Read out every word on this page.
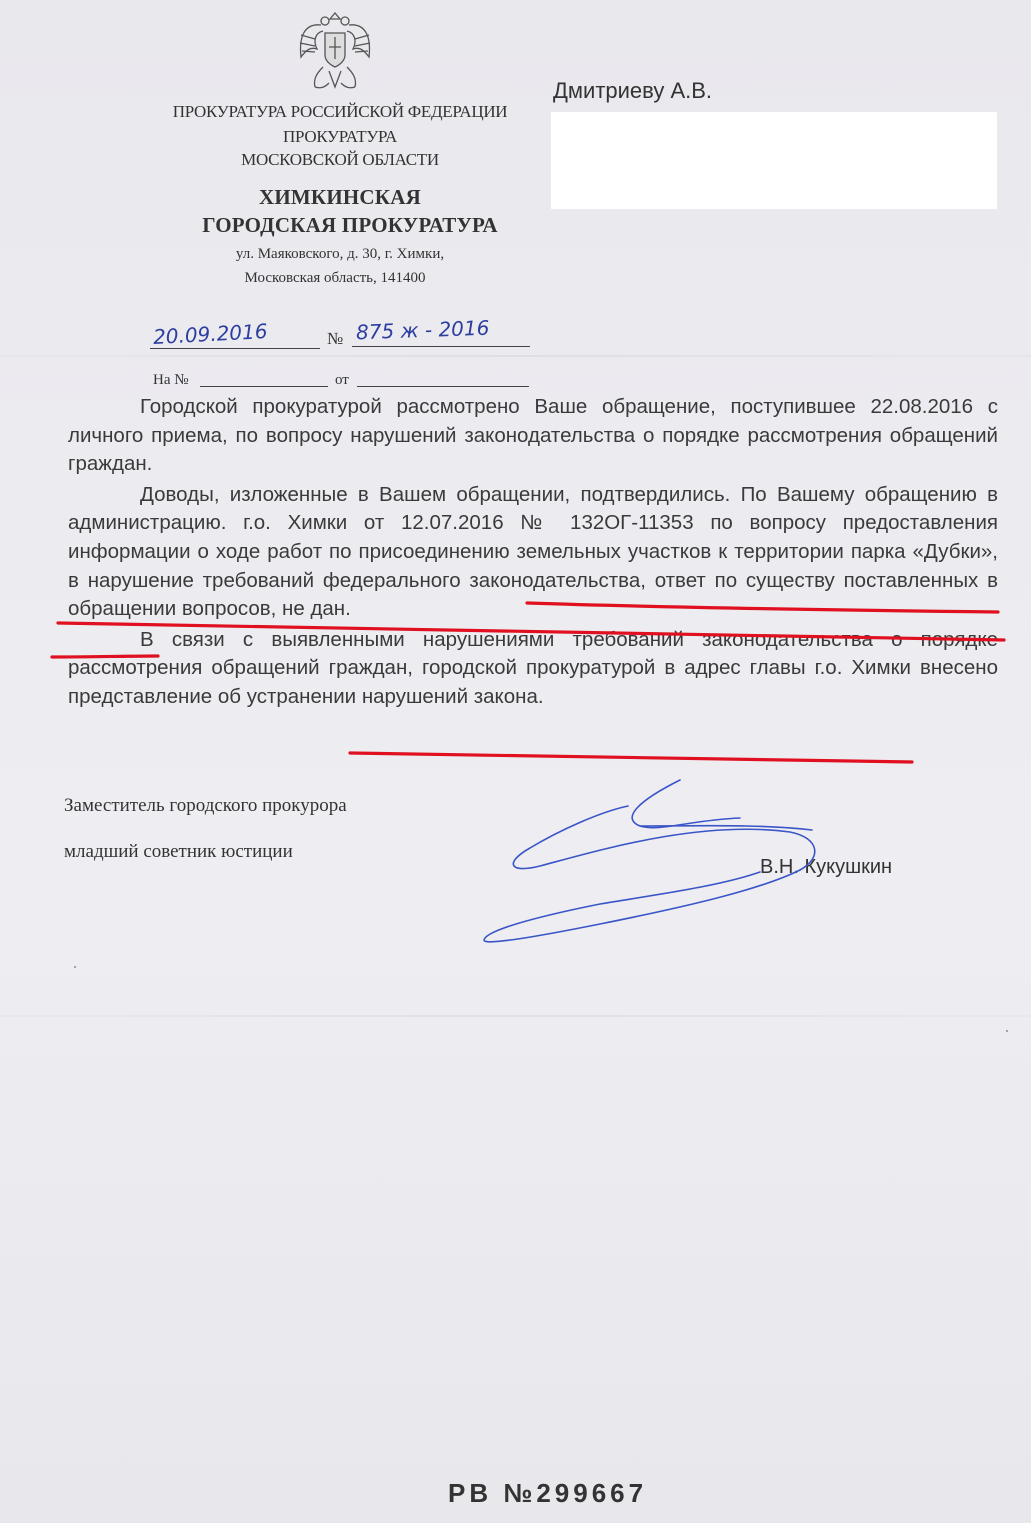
ПРОКУРАТУРА РОССИЙСКОЙ ФЕДЕРАЦИИ
ПРОКУРАТУРА
МОСКОВСКОЙ ОБЛАСТИ
ХИМКИНСКАЯ
ГОРОДСКАЯ ПРОКУРАТУРА
ул. Маяковского, д. 30, г. Химки,
Московская область, 141400
Дмитриеву А.В.
20.09.2016	№ 875 ж - 2016
На №	от

Городской прокуратурой рассмотрено Ваше обращение, поступившее 22.08.2016 с личного приема, по вопросу нарушений законодательства о порядке рассмотрения обращений граждан.

Доводы, изложенные в Вашем обращении, подтвердились. По Вашему обращению в администрацию. г.о. Химки от 12.07.2016 № 132ОГ-11353 по вопросу предоставления информации о ходе работ по присоединению земельных участков к территории парка «Дубки», в нарушение требований федерального законодательства, ответ по существу поставленных в обращении вопросов, не дан.

В связи с выявленными нарушениями требований законодательства о порядке рассмотрения обращений граждан, городской прокуратурой в адрес главы г.о. Химки внесено представление об устранении нарушений закона.

Заместитель городского прокурора
младший советник юстиции
В.Н. Кукушкин
РВ №299667
